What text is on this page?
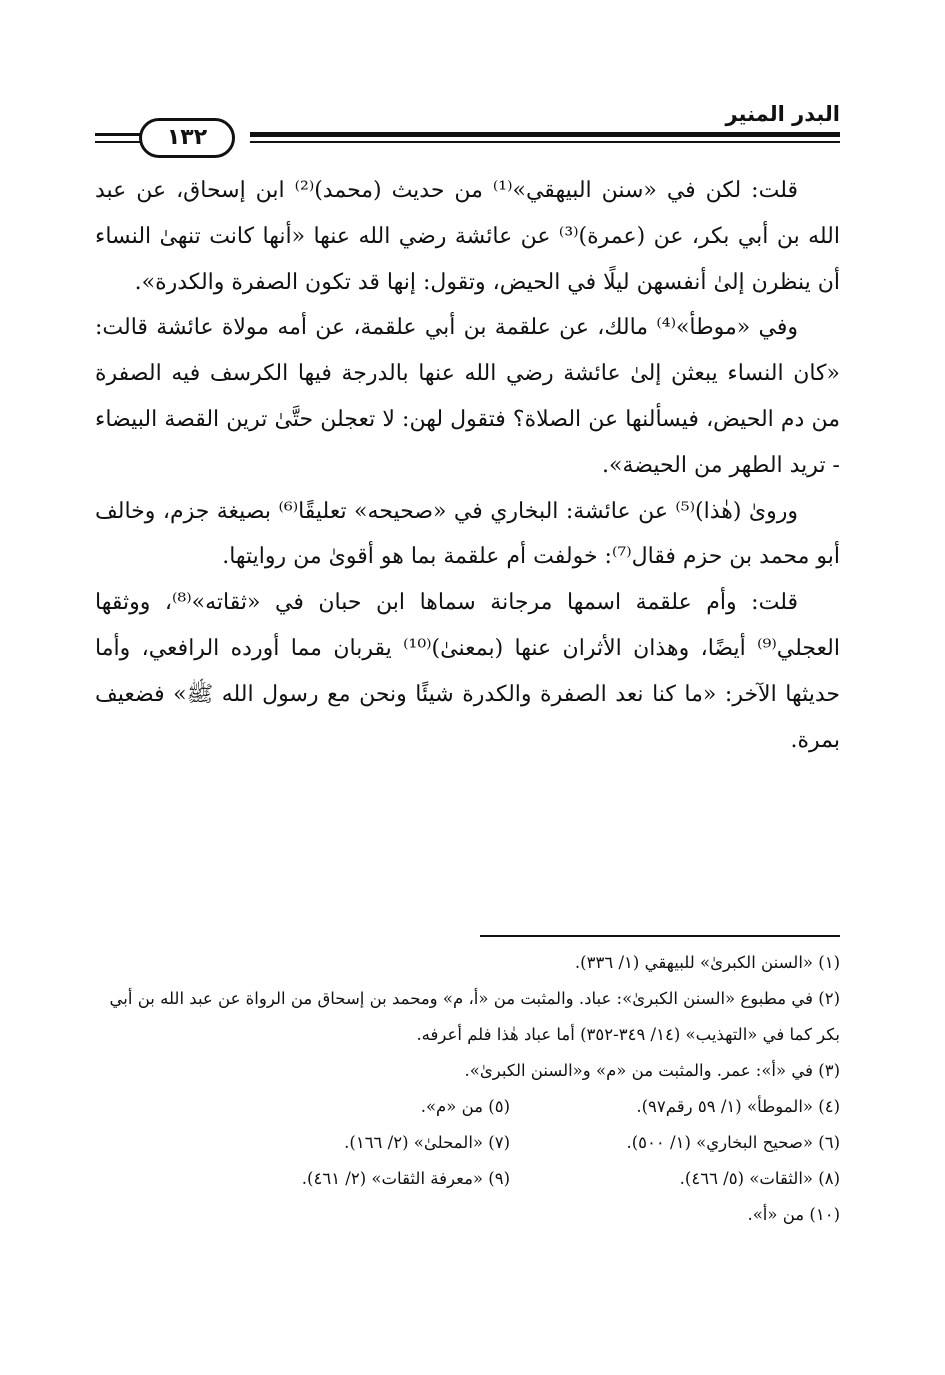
البدر المنير
١٣٢

قلت: لكن في «سنن البيهقي»⁽¹⁾ من حديث (محمد)⁽²⁾ ابن إسحاق، عن عبد الله بن أبي بكر، عن (عمرة)⁽³⁾ عن عائشة رضي الله عنها «أنها كانت تنهىٰ النساء أن ينظرن إلىٰ أنفسهن ليلًا في الحيض، وتقول: إنها قد تكون الصفرة والكدرة».

وفي «موطأ»⁽⁴⁾ مالك، عن علقمة بن أبي علقمة، عن أمه مولاة عائشة قالت: «كان النساء يبعثن إلىٰ عائشة رضي الله عنها بالدرجة فيها الكرسف فيه الصفرة من دم الحيض، فيسألنها عن الصلاة؟ فتقول لهن: لا تعجلن حتَّىٰ ترين القصة البيضاء - تريد الطهر من الحيضة».

ورویٰ (هٰذا)⁽⁵⁾ عن عائشة: البخاري في «صحيحه» تعليقًا⁽⁶⁾ بصيغة جزم، وخالف أبو محمد بن حزم فقال⁽⁷⁾: خولفت أم علقمة بما هو أقوىٰ من روايتها.

قلت: وأم علقمة اسمها مرجانة سماها ابن حبان في «ثقاته»⁽⁸⁾، ووثقها العجلي⁽⁹⁾ أيضًا، وهذان الأثران عنها (بمعنىٰ)⁽¹⁰⁾ يقربان مما أورده الرافعي، وأما حديثها الآخر: «ما كنا نعد الصفرة والكدرة شيئًا ونحن مع رسول الله ﷺ» فضعيف بمرة.

(١) «السنن الكبرىٰ» للبيهقي (١/ ٣٣٦).

(٢) في مطبوع «السنن الكبرىٰ»: عباد. والمثبت من «أ، م» ومحمد بن إسحاق من الرواة عن عبد الله بن أبي بكر كما في «التهذيب» (١٤/ ٣٤٩-٣٥٢) أما عباد هٰذا فلم أعرفه.

(٣) في «أ»: عمر. والمثبت من «م» و«السنن الكبرىٰ».

(٤) «الموطأ» (١/ ٥٩ رقم٩٧).
(٥) من «م».
(٦) «صحيح البخاري» (١/ ٥٠٠).
(٧) «المحلىٰ» (٢/ ١٦٦).
(٨) «الثقات» (٥/ ٤٦٦).
(٩) «معرفة الثقات» (٢/ ٤٦١).

(١٠) من «أ».
